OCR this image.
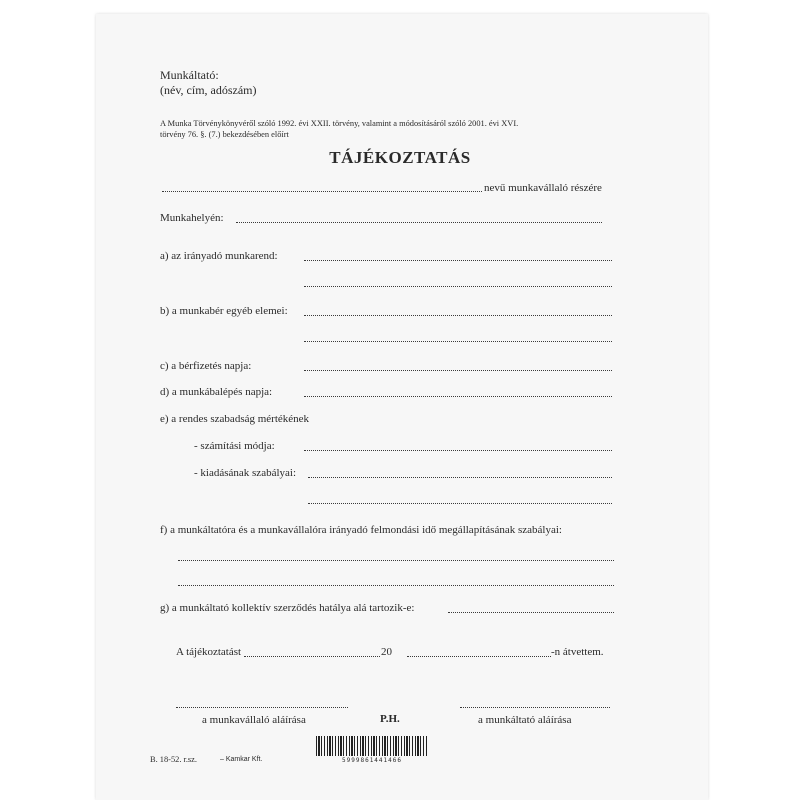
Munkáltató:
(név, cím, adószám)
A Munka Törvénykönyvéről szóló 1992. évi XXII. törvény, valamint a módosításáról szóló 2001. évi XVI.
törvény 76. §. (7.) bekezdésében előírt
TÁJÉKOZTATÁS
nevű munkavállaló részére
Munkahelyén:
a) az irányadó munkarend:
b) a munkabér egyéb elemei:
c) a bérfizetés napja:
d) a munkábalépés napja:
e) a rendes szabadság mértékének
- számítási módja:
- kiadásának szabályai:
f) a munkáltatóra és a munkavállalóra irányadó felmondási idő megállapításának szabályai:
g) a munkáltató kollektív szerződés hatálya alá tartozik-e:
A tájékoztatást	20	-n átvettem.
a munkavállaló aláírása	P.H.	a munkáltató aláírása
B. 18-52. r.sz.	– Kamkar Kft.	5999861441466
